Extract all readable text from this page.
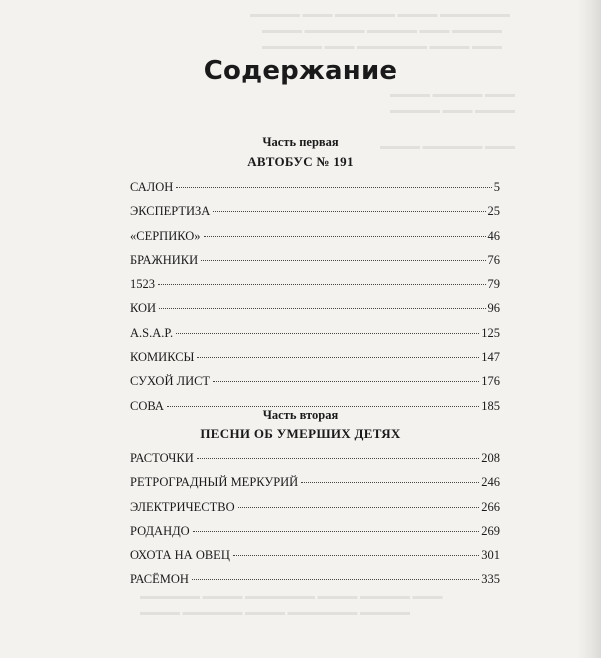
▬▬▬▬▬ ▬▬▬ ▬▬▬▬▬▬ ▬▬▬▬ ▬▬▬▬▬▬▬
▬▬▬▬ ▬▬▬▬▬▬ ▬▬▬▬▬ ▬▬▬ ▬▬▬▬▬
▬▬▬▬▬▬ ▬▬▬ ▬▬▬▬▬▬▬ ▬▬▬▬ ▬▬▬
▬▬▬▬ ▬▬▬▬▬ ▬▬▬
▬▬▬▬▬ ▬▬▬ ▬▬▬▬
▬▬▬▬ ▬▬▬▬▬▬ ▬▬▬
▬▬▬▬▬▬ ▬▬▬▬ ▬▬▬▬▬▬▬ ▬▬▬▬ ▬▬▬▬▬ ▬▬▬
▬▬▬▬ ▬▬▬▬▬▬ ▬▬▬▬ ▬▬▬▬▬▬▬ ▬▬▬▬▬
Содержание
Часть первая
АВТОБУС № 191
САЛОН	5
ЭКСПЕРТИЗА	25
«СЕРПИКО»	46
БРАЖНИКИ	76
1523	79
КОИ	96
A.S.A.P.	125
КОМИКСЫ	147
СУХОЙ ЛИСТ	176
СОВА	185
Часть вторая
ПЕСНИ ОБ УМЕРШИХ ДЕТЯХ
РАСТОЧКИ	208
РЕТРОГРАДНЫЙ МЕРКУРИЙ	246
ЭЛЕКТРИЧЕСТВО	266
РОДАНДО	269
ОХОТА НА ОВЕЦ	301
РАСЁМОН	335
